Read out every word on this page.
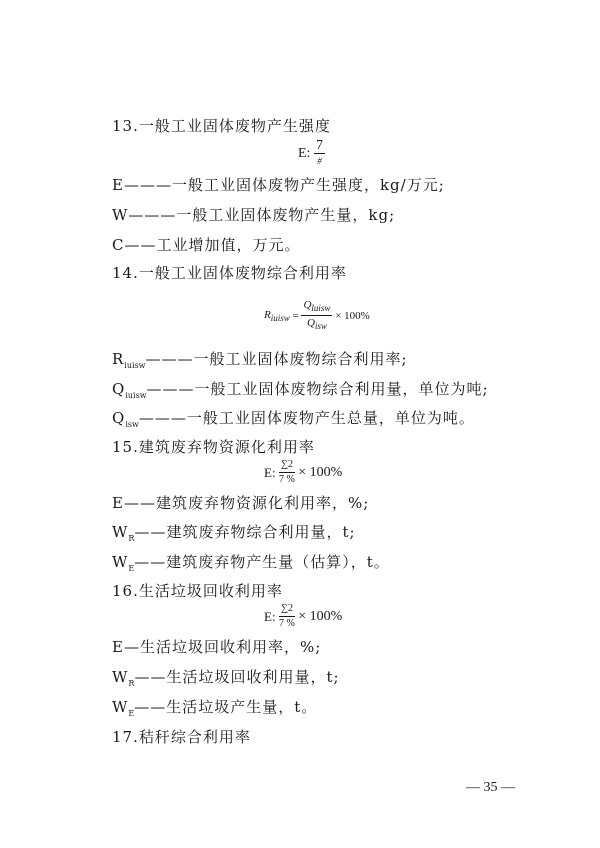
13.一般工业固体废物产生强度
E: $\frac{7}{\#}$
E———一般工业固体废物产生强度，kg/万元;
W———一般工业固体废物产生量，kg;
C——工业增加值，万元。
14.一般工业固体废物综合利用率
$R_{iuisw} = \frac{Q_{luisw}}{Q_{isw}} \times 100\%$
$R_{iuisw}———$一般工业固体废物综合利用率;
$Q_{iuisw}———$一般工业固体废物综合利用量，单位为吨;
$Q_{isw}———$一般工业固体废物产生总量，单位为吨。
15.建筑废弃物资源化利用率
E: $\frac{\sum 2}{7 \%} \times 100\%$
E——建筑废弃物资源化利用率，%;
$W_R——$建筑废弃物综合利用量，t;
$W_E——$建筑废弃物产生量（估算），t。
16.生活垃圾回收利用率
E: $\frac{\sum 2}{7 \%} \times 100\%$
E—生活垃圾回收利用率，%;
$W_R——$生活垃圾回收利用量，t;
$W_E——$生活垃圾产生量，t。
17.秸秆综合利用率
— 35 —
